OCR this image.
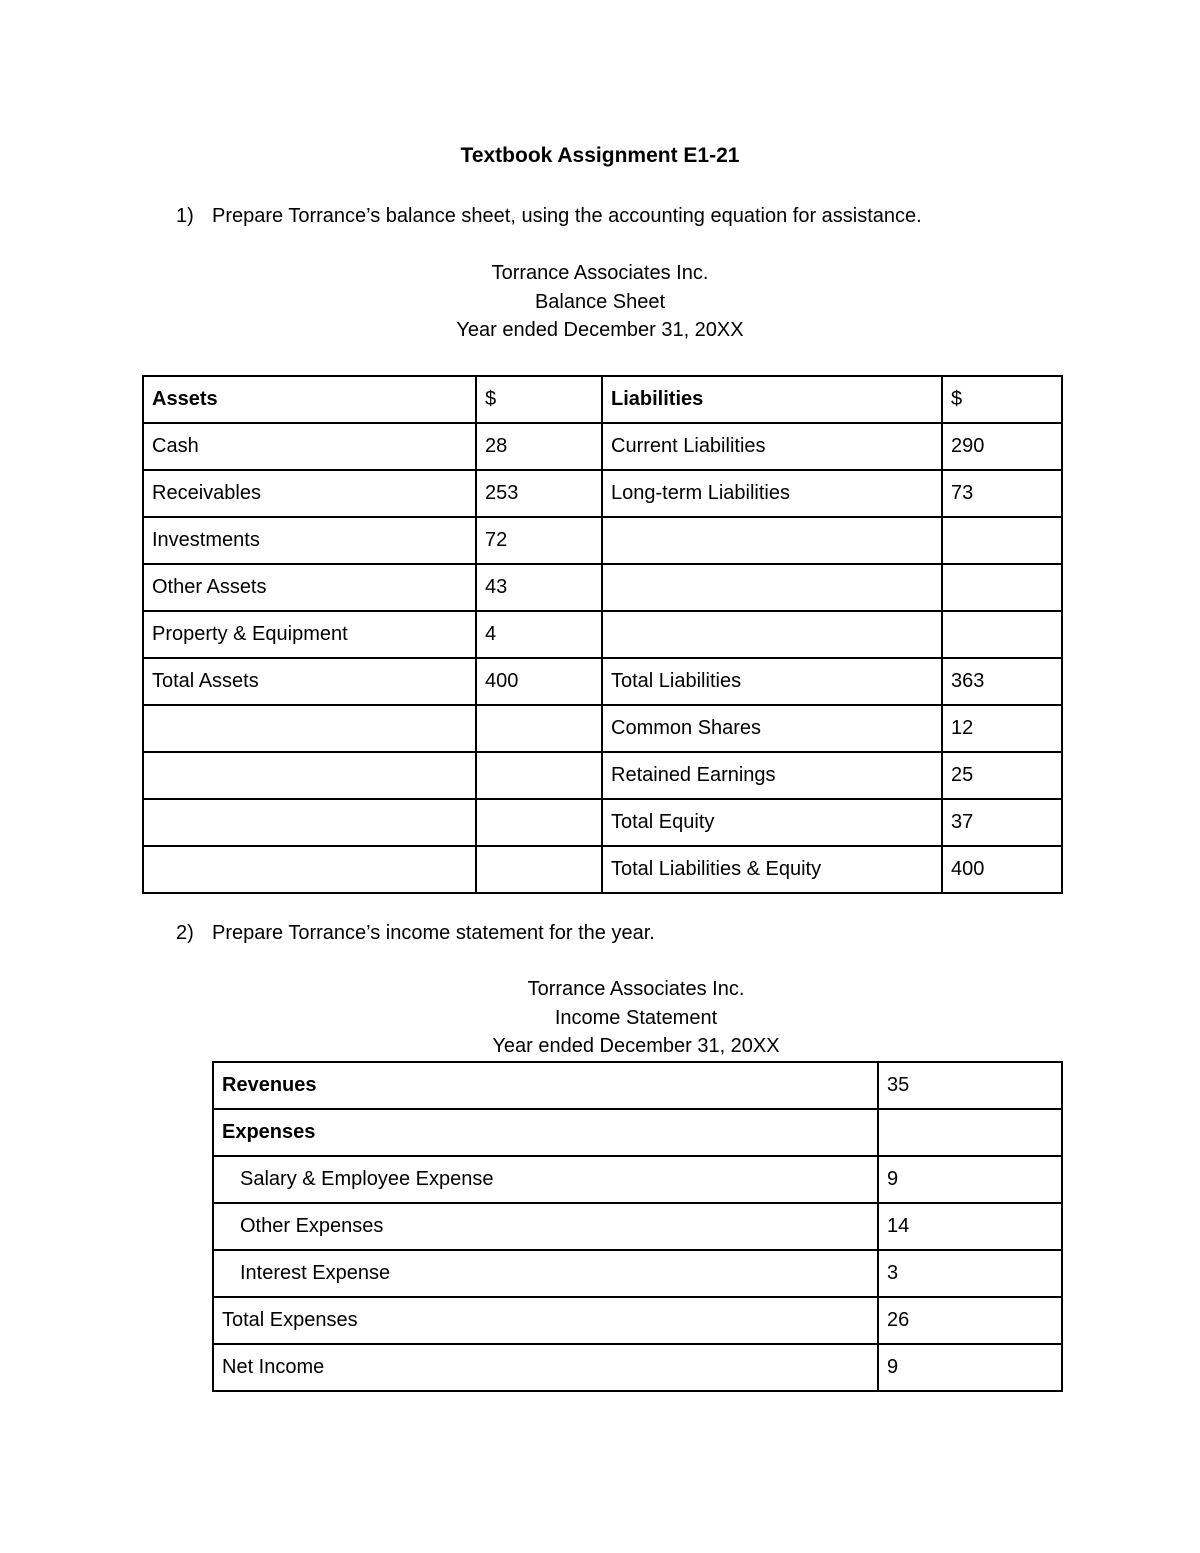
Textbook Assignment E1-21
1) Prepare Torrance’s balance sheet, using the accounting equation for assistance.
Torrance Associates Inc.
Balance Sheet
Year ended December 31, 20XX
Assets	$	Liabilities	$
Cash	28	Current Liabilities	290
Receivables	253	Long-term Liabilities	73
Investments	72		
Other Assets	43		
Property & Equipment	4		
Total Assets	400	Total Liabilities	363
		Common Shares	12
		Retained Earnings	25
		Total Equity	37
		Total Liabilities & Equity	400
2) Prepare Torrance’s income statement for the year.
Torrance Associates Inc.
Income Statement
Year ended December 31, 20XX
Revenues	35
Expenses	
Salary & Employee Expense	9
Other Expenses	14
Interest Expense	3
Total Expenses	26
Net Income	9
